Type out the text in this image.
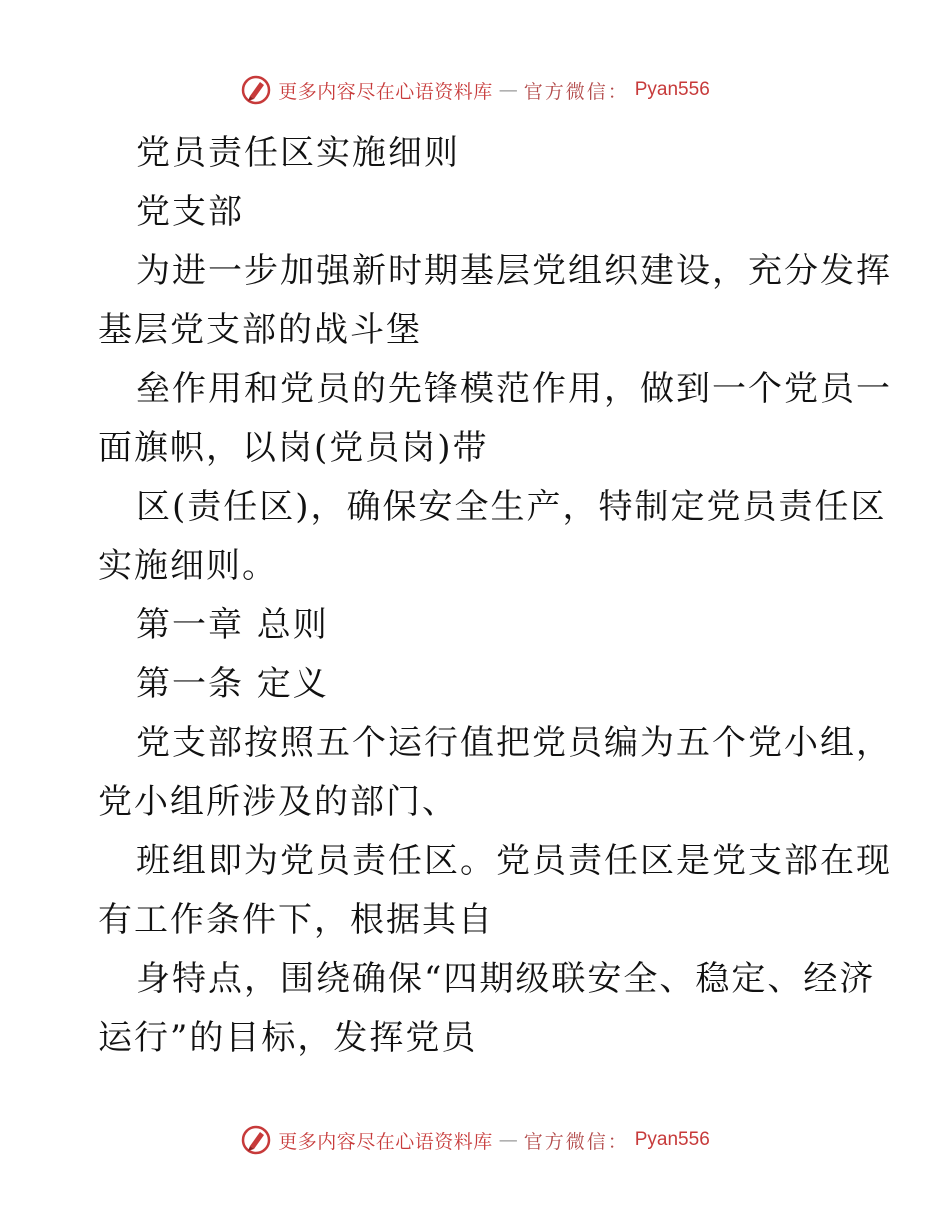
更多内容尽在心语资料库 — 官方微信： Pyan556

党员责任区实施细则

党支部

为进一步加强新时期基层党组织建设，充分发挥

基层党支部的战斗堡

垒作用和党员的先锋模范作用，做到一个党员一

面旗帜，以岗(党员岗)带

区(责任区)，确保安全生产，特制定党员责任区

实施细则。

第一章 总则

第一条 定义

党支部按照五个运行值把党员编为五个党小组，

党小组所涉及的部门、

班组即为党员责任区。党员责任区是党支部在现

有工作条件下，根据其自

身特点，围绕确保“四期级联安全、稳定、经济

运行”的目标，发挥党员

更多内容尽在心语资料库 — 官方微信： Pyan556
